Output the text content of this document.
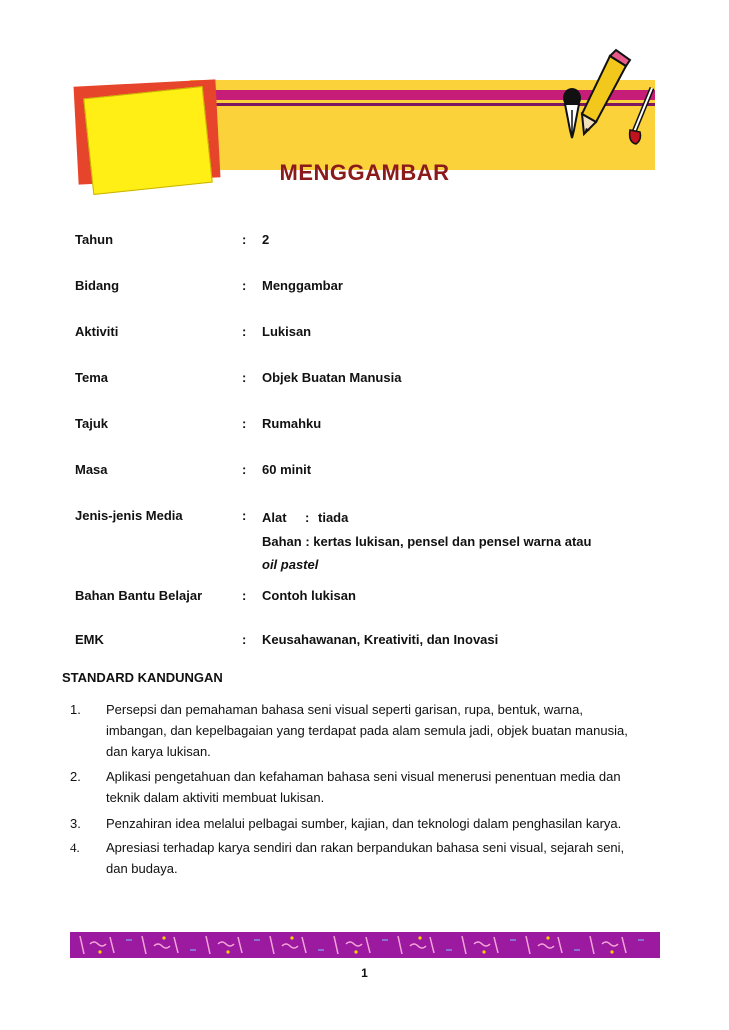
MENGGAMBAR
Tahun	: 2
Bidang	: Menggambar
Aktiviti	: Lukisan
Tema	: Objek Buatan Manusia
Tajuk	: Rumahku
Masa	: 60 minit
Jenis-jenis Media	: Alat : tiada
Bahan : kertas lukisan, pensel dan pensel warna atau
oil pastel
Bahan Bantu Belajar	: Contoh lukisan
EMK	: Keusahawanan, Kreativiti, dan Inovasi
STANDARD KANDUNGAN
1. Persepsi dan pemahaman bahasa seni visual seperti garisan, rupa, bentuk, warna,
imbangan, dan kepelbagaian yang terdapat pada alam semula jadi, objek buatan manusia,
dan karya lukisan.
2. Aplikasi pengetahuan dan kefahaman bahasa seni visual menerusi penentuan media dan
teknik dalam aktiviti membuat lukisan.
3. Penzahiran idea melalui pelbagai sumber, kajian, dan teknologi dalam penghasilan karya.
4. Apresiasi terhadap karya sendiri dan rakan berpandukan bahasa seni visual, sejarah seni,
dan budaya.
1
